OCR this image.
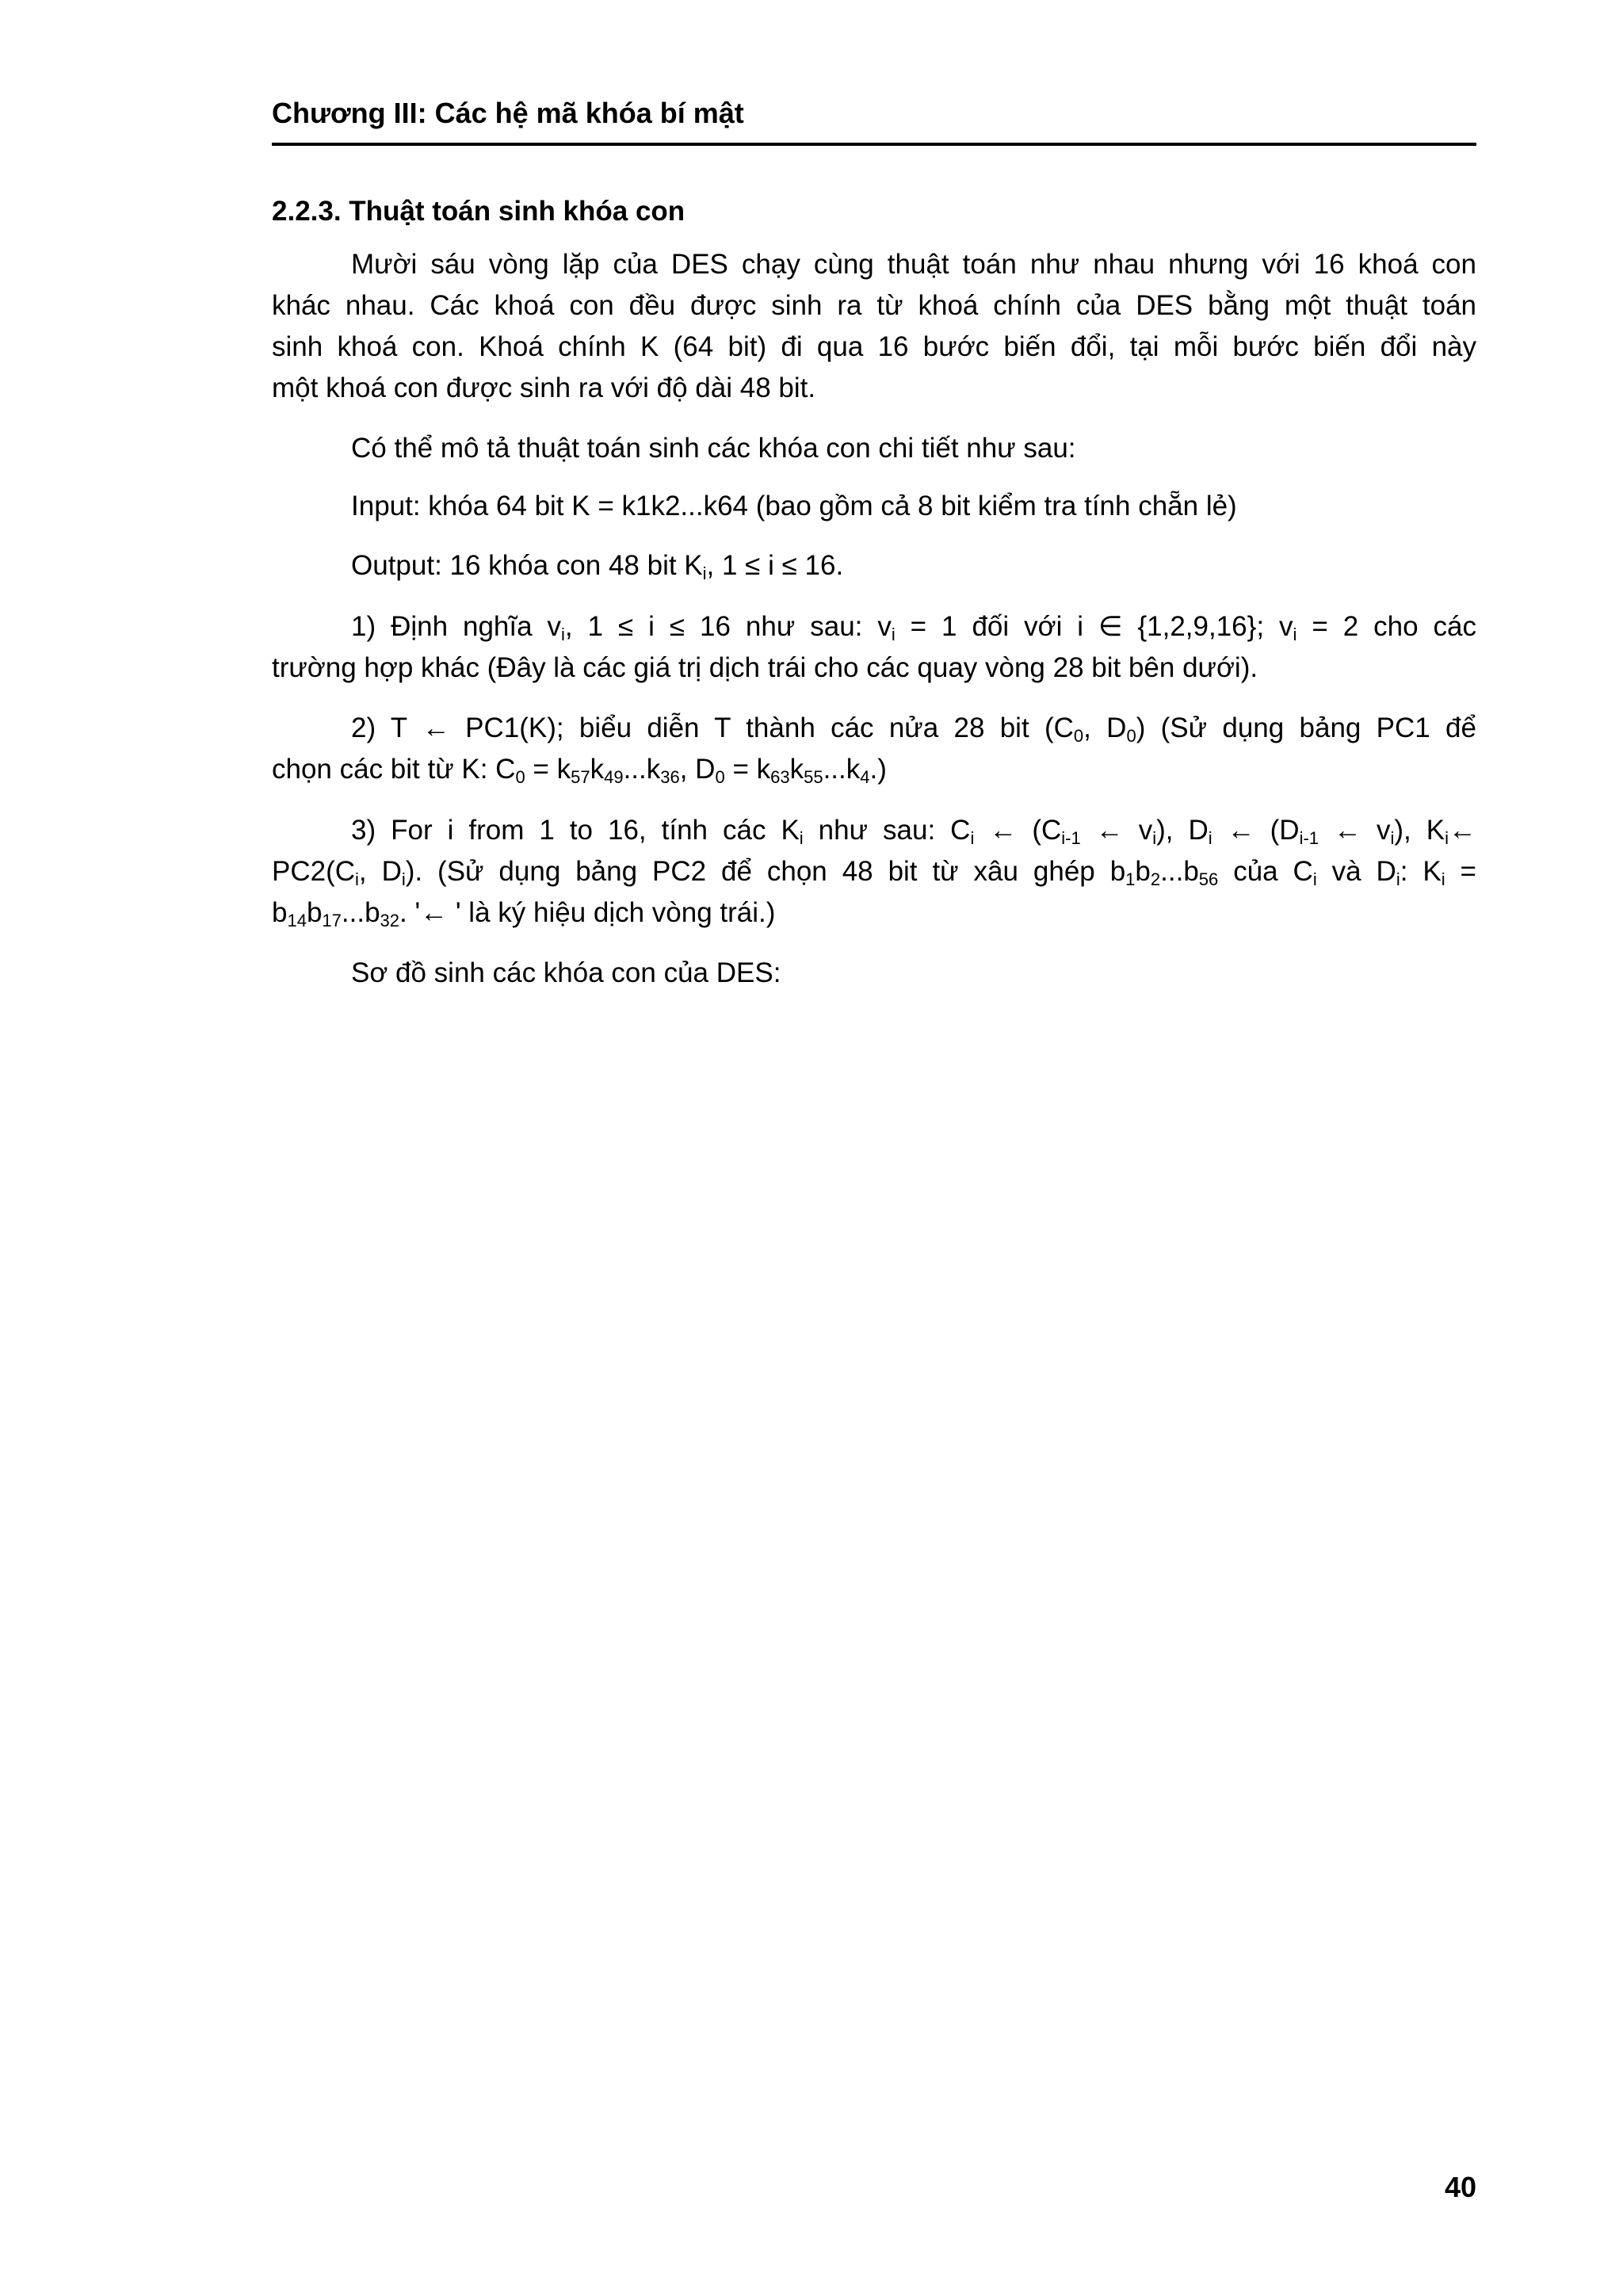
Chương III: Các hệ mã khóa bí mật
2.2.3. Thuật toán sinh khóa con
Mười sáu vòng lặp của DES chạy cùng thuật toán như nhau nhưng với 16 khoá con
khác nhau. Các khoá con đều được sinh ra từ khoá chính của DES bằng một thuật toán
sinh khoá con. Khoá chính K (64 bit) đi qua 16 bước biến đổi, tại mỗi bước biến đổi này
một khoá con được sinh ra với độ dài 48 bit.
Có thể mô tả thuật toán sinh các khóa con chi tiết như sau:
Input: khóa 64 bit K = k1k2...k64 (bao gồm cả 8 bit kiểm tra tính chẵn lẻ)
Output: 16 khóa con 48 bit $K_i$, 1 ≤ i ≤ 16.
1) Định nghĩa $v_i$, 1 ≤ i ≤ 16 như sau: $v_i = 1$ đối với i ∈ {1,2,9,16}; $v_i = 2$ cho các
trường hợp khác (Đây là các giá trị dịch trái cho các quay vòng 28 bit bên dưới).
2) T ← PC1(K); biểu diễn T thành các nửa 28 bit ($C_0$, $D_0$) (Sử dụng bảng PC1 để
chọn các bit từ K: $C_0 = k_{57}k_{49}...k_{36}$, $D_0 = k_{63}k_{55}...k_4$.)
3) For i from 1 to 16, tính các $K_i$ như sau: $C_i$ ← ($C_{i-1}$ ← $v_i$), $D_i$ ← ($D_{i-1}$ ← $v_i$), $K_i\leftarrow$
$PC2(C_i$, $D_i$). (Sử dụng bảng PC2 để chọn 48 bit từ xâu ghép $b_1b_2...b_{56}$ của $C_i$ và $D_i$: $K_i$ =
$b_{14}b_{17}...b_{32}$. '← ' là ký hiệu dịch vòng trái.)
Sơ đồ sinh các khóa con của DES:
40
